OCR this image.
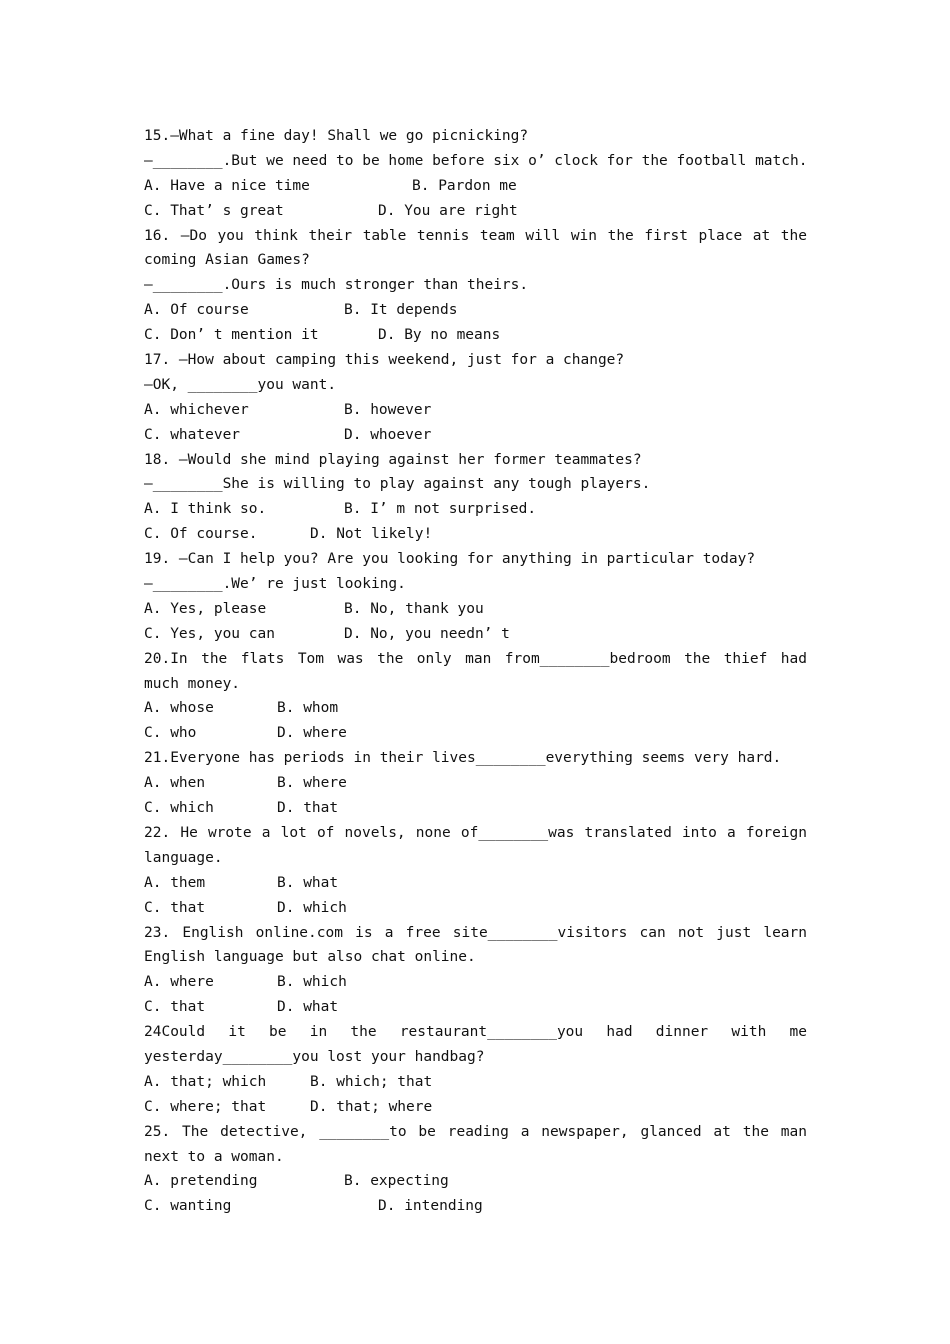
15.—What a fine day! Shall we go picnicking?
—________.But we need to be home before six o’ clock for the football match.
A. Have a nice time	B. Pardon me
C. That’ s great	D. You are right
16. —Do you think their table tennis team will win the first place at the
coming Asian Games?
—________.Ours is much stronger than theirs.
A. Of course	B. It depends
C. Don’ t mention it	D. By no means
17. —How about camping this weekend, just for a change?
—OK, ________you want.
A. whichever	B. however
C. whatever	D. whoever
18. —Would she mind playing against her former teammates?
—________She is willing to play against any tough players.
A. I think so.	B. I’ m not surprised.
C. Of course.	D. Not likely!
19. —Can I help you? Are you looking for anything in particular today?
—________.We’ re just looking.
A. Yes, please	B. No, thank you
C. Yes, you can	D. No, you needn’ t
20.In the flats Tom was the only man from________bedroom the thief had
much money.
A. whose	B. whom
C. who	D. where
21.Everyone has periods in their lives________everything seems very hard.
A. when	B. where
C. which	D. that
22. He wrote a lot of novels, none of________was translated into a foreign
language.
A. them	B. what
C. that	D. which
23. English online.com is a free site________visitors can not just learn
English language but also chat online.
A. where	B. which
C. that	D. what
24Could it be in the restaurant________you had dinner with me
yesterday________you lost your handbag?
A. that; which	B. which; that
C. where; that	D. that; where
25. The detective, ________to be reading a newspaper, glanced at the man
next to a woman.
A. pretending	B. expecting
C. wanting	D. intending
